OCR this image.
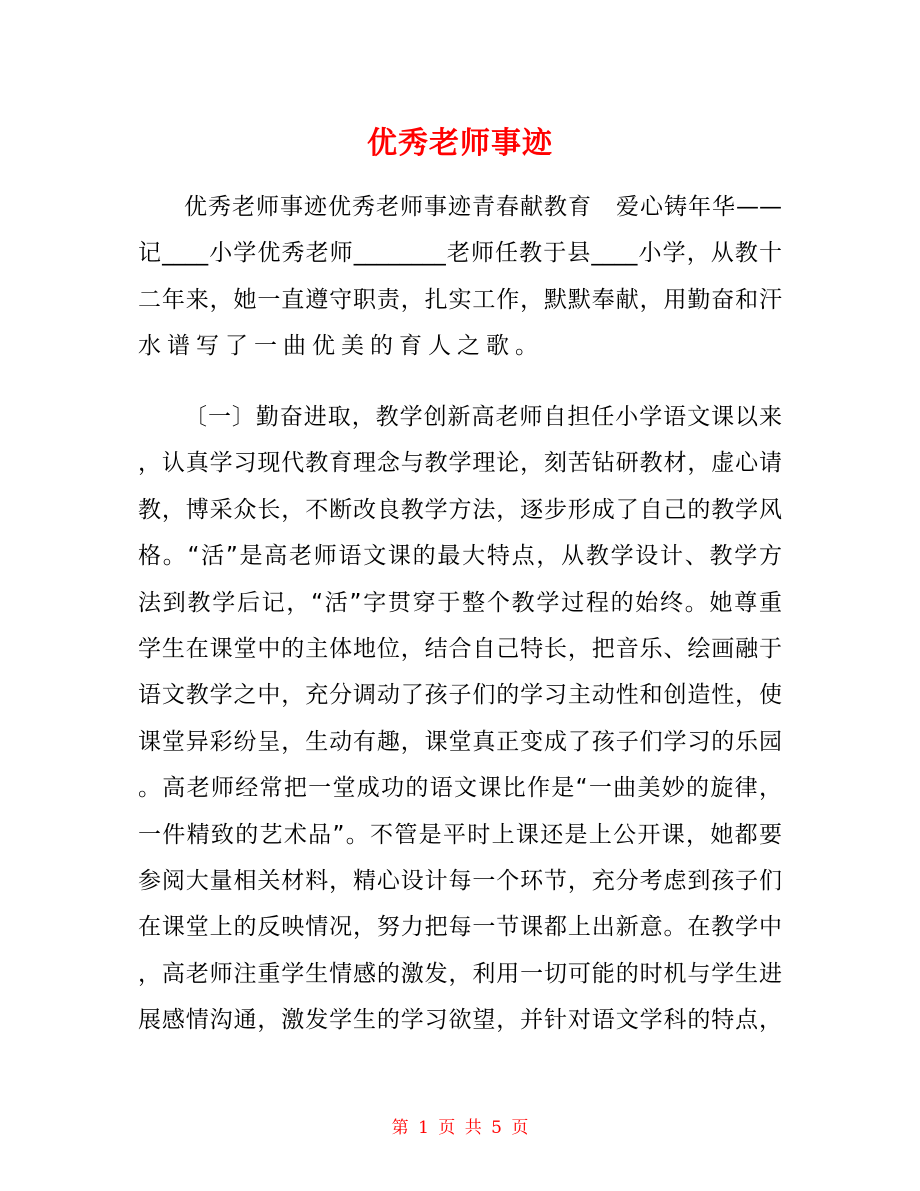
优秀老师事迹
优秀老师事迹优秀老师事迹青春献教育　爱心铸年华——
记____小学优秀老师________老师任教于县____小学，从教十
二年来，她一直遵守职责，扎实工作，默默奉献，用勤奋和汗
水谱写了一曲优美的育人之歌。
〔一〕勤奋进取，教学创新高老师自担任小学语文课以来
，认真学习现代教育理念与教学理论，刻苦钻研教材，虚心请
教，博采众长，不断改良教学方法，逐步形成了自己的教学风
格。“活”是高老师语文课的最大特点，从教学设计、教学方
法到教学后记，“活”字贯穿于整个教学过程的始终。她尊重
学生在课堂中的主体地位，结合自己特长，把音乐、绘画融于
语文教学之中，充分调动了孩子们的学习主动性和创造性，使
课堂异彩纷呈，生动有趣，课堂真正变成了孩子们学习的乐园
。高老师经常把一堂成功的语文课比作是“一曲美妙的旋律，
一件精致的艺术品”。不管是平时上课还是上公开课，她都要
参阅大量相关材料，精心设计每一个环节，充分考虑到孩子们
在课堂上的反映情况，努力把每一节课都上出新意。在教学中
，高老师注重学生情感的激发，利用一切可能的时机与学生进
展感情沟通，激发学生的学习欲望，并针对语文学科的特点，
第 1 页 共 5 页
